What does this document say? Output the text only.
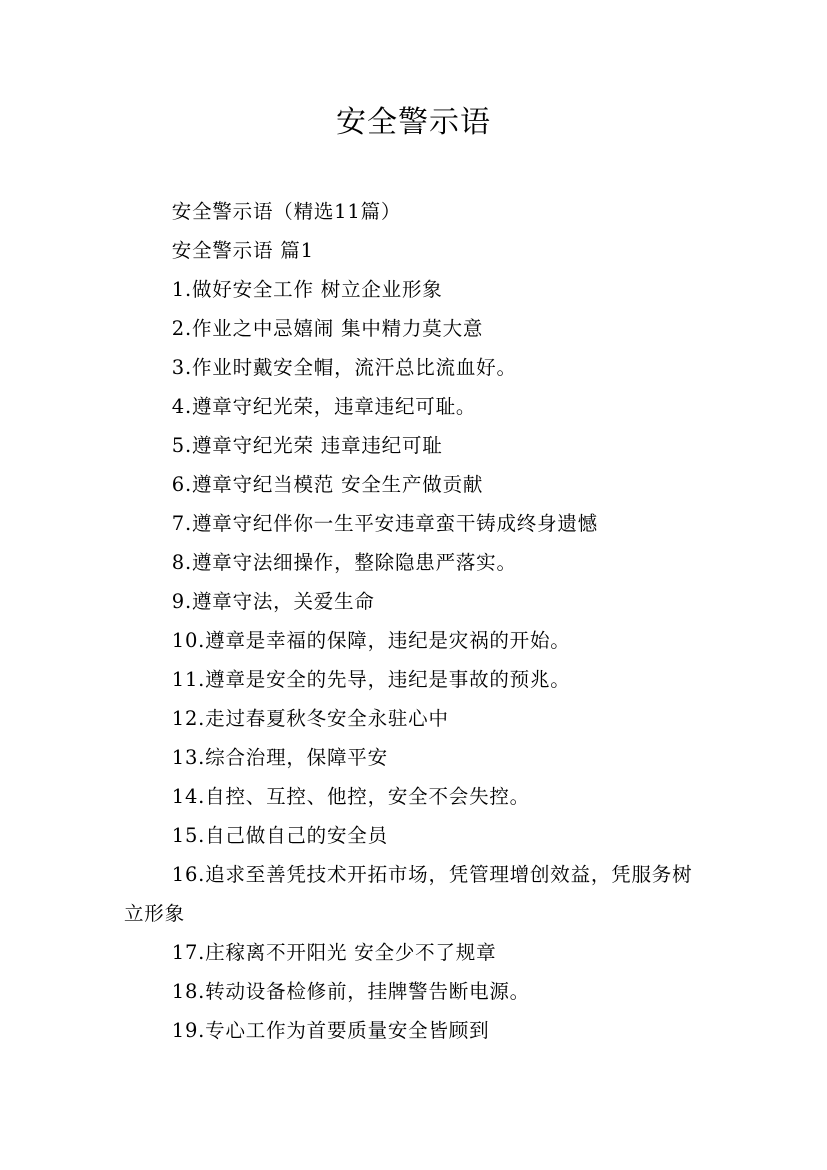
安全警示语

安全警示语（精选11篇）

安全警示语 篇1

1.做好安全工作 树立企业形象

2.作业之中忌嬉闹 集中精力莫大意

3.作业时戴安全帽，流汗总比流血好。

4.遵章守纪光荣，违章违纪可耻。

5.遵章守纪光荣 违章违纪可耻

6.遵章守纪当模范 安全生产做贡献

7.遵章守纪伴你一生平安违章蛮干铸成终身遗憾

8.遵章守法细操作，整除隐患严落实。

9.遵章守法，关爱生命

10.遵章是幸福的保障，违纪是灾祸的开始。

11.遵章是安全的先导，违纪是事故的预兆。

12.走过春夏秋冬安全永驻心中

13.综合治理，保障平安

14.自控、互控、他控，安全不会失控。

15.自己做自己的安全员

16.追求至善凭技术开拓市场，凭管理增创效益，凭服务树立形象

17.庄稼离不开阳光 安全少不了规章

18.转动设备检修前，挂牌警告断电源。

19.专心工作为首要质量安全皆顾到
